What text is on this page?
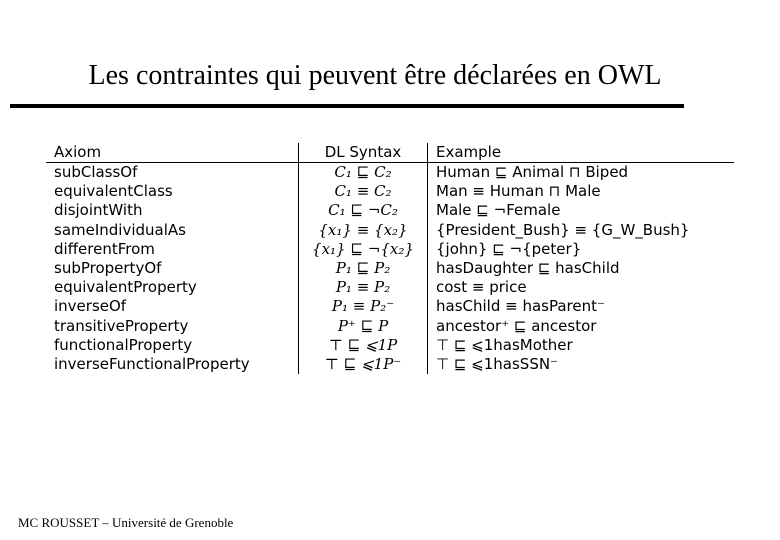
Les contraintes qui peuvent être déclarées en OWL
Axiom	DL Syntax	Example
subClassOf	C₁ ⊑ C₂	Human ⊑ Animal ⊓ Biped
equivalentClass	C₁ ≡ C₂	Man ≡ Human ⊓ Male
disjointWith	C₁ ⊑ ¬C₂	Male ⊑ ¬Female
sameIndividualAs	{x₁} ≡ {x₂}	{President_Bush} ≡ {G_W_Bush}
differentFrom	{x₁} ⊑ ¬{x₂}	{john} ⊑ ¬{peter}
subPropertyOf	P₁ ⊑ P₂	hasDaughter ⊑ hasChild
equivalentProperty	P₁ ≡ P₂	cost ≡ price
inverseOf	P₁ ≡ P₂⁻	hasChild ≡ hasParent⁻
transitiveProperty	P⁺ ⊑ P	ancestor⁺ ⊑ ancestor
functionalProperty	⊤ ⊑ ⩽1P	⊤ ⊑ ⩽1hasMother
inverseFunctionalProperty	⊤ ⊑ ⩽1P⁻	⊤ ⊑ ⩽1hasSSN⁻
MC ROUSSET – Université de Grenoble
